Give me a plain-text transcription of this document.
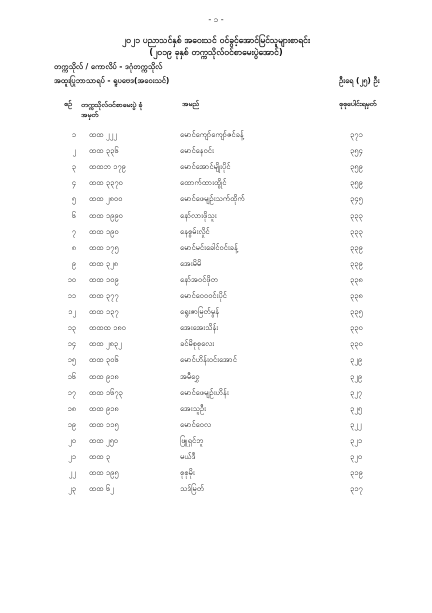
- ၁ -
၂၀၂၁ ပညာသင်နှစ် အဝေးသင် ဝင်ခွင့်အောင်မြင်သူများစာရင်း
(၂၀၁၉ ခုနှစ် တက္ကသိုလ်ဝင်စာမေးပွဲအောင်)
တက္ကသိုလ် / ကောလိပ် - ဒဂုံတက္ကသိုလ်
အထူးပြုဘာသာရပ် - ရူပဗေဒ(အဝေးသင်)	ဦးရေ (၂၅) ဦး
စဉ် တက္ကသိုလ်ဝင်စာမေးပွဲ ခုံအမှတ်
အမည်	စုစုပေါင်းရမှတ်
၁ ထထ ၂၂၂	မောင်ကျော်ကျော်ဇင်ခန့်	၃၇၁
၂ ထထ ၃၃၆	မောင်နေဝင်း	၃၅၄
၃ ထထဘ ၁၇၉	မောင်အောင်မျိုးပိုင်	၃၅၉
၄ ထထ ၃၃၇၀	ထောက်ထားထွိုင်	၃၅၉
၅ ထထ ၂၈၀၀	မောင်ဖေမျဉ်းသက်ထိုက်	၃၄၅
၆ ထထ ၁၉၉၀	နော်လားဖိုသူး	၃၃၃
၇ ထထ ၁၉၀	နေစွမ်းလှိုင်	၃၃၃
၈ ထထ ၁၇၅	မောင်မင်းခေါင်ဝင်းခန့်	၃၃၉
၉ ထထ ၃၂၈	အေးမိမိ	၃၃၉
၁၀ ထထ ၁၀၉	နော်အဝင်ဖိုတ	၃၃၈
၁၁ ထထ ၃၇၇	မောင်ဝေဝဝင်းပိုင်	၃၃၈
၁၂ ထထ ၁၃၇	ရွေးဇာမြတ်မွန်	၃၃၅
၁၃ ထထထ ၁၈၀	အေးအေးသိန်း	၃၃၀
၁၄ ထထ ၂၈၃၂	ခင်မိစုစုလေး	၃၃၀
၁၅ ထထ ၃၀၆	မောင်ဟိန်းဝင်းအောင်	၃၂၉
၁၆ ထထ ၉၁၈	အမီဝွှေ	၃၂၉
၁၇ ထထ ၁၆၇၃	မောင်ဖေမျဉ်းဟိန်း	၃၂၇
၁၈ ထထ ၉၁၈	အေးသူဦး	၃၂၅
၁၉ ထထ ၁၁၅	မောင်ဝေလ	၃၂၂
၂၀ ထထ ၂၅၀	ဖြူရှင်ဘူ	၃၂၁
၂၁ ထထ ၃	မယ်ဒီ	၃၂၀
၂၂ ထထ ၁၉၅	စုစုမိုး	၃၁၉
၂၃ ထထ ၆၂	သဒ်မြတ်	၃၁၇
